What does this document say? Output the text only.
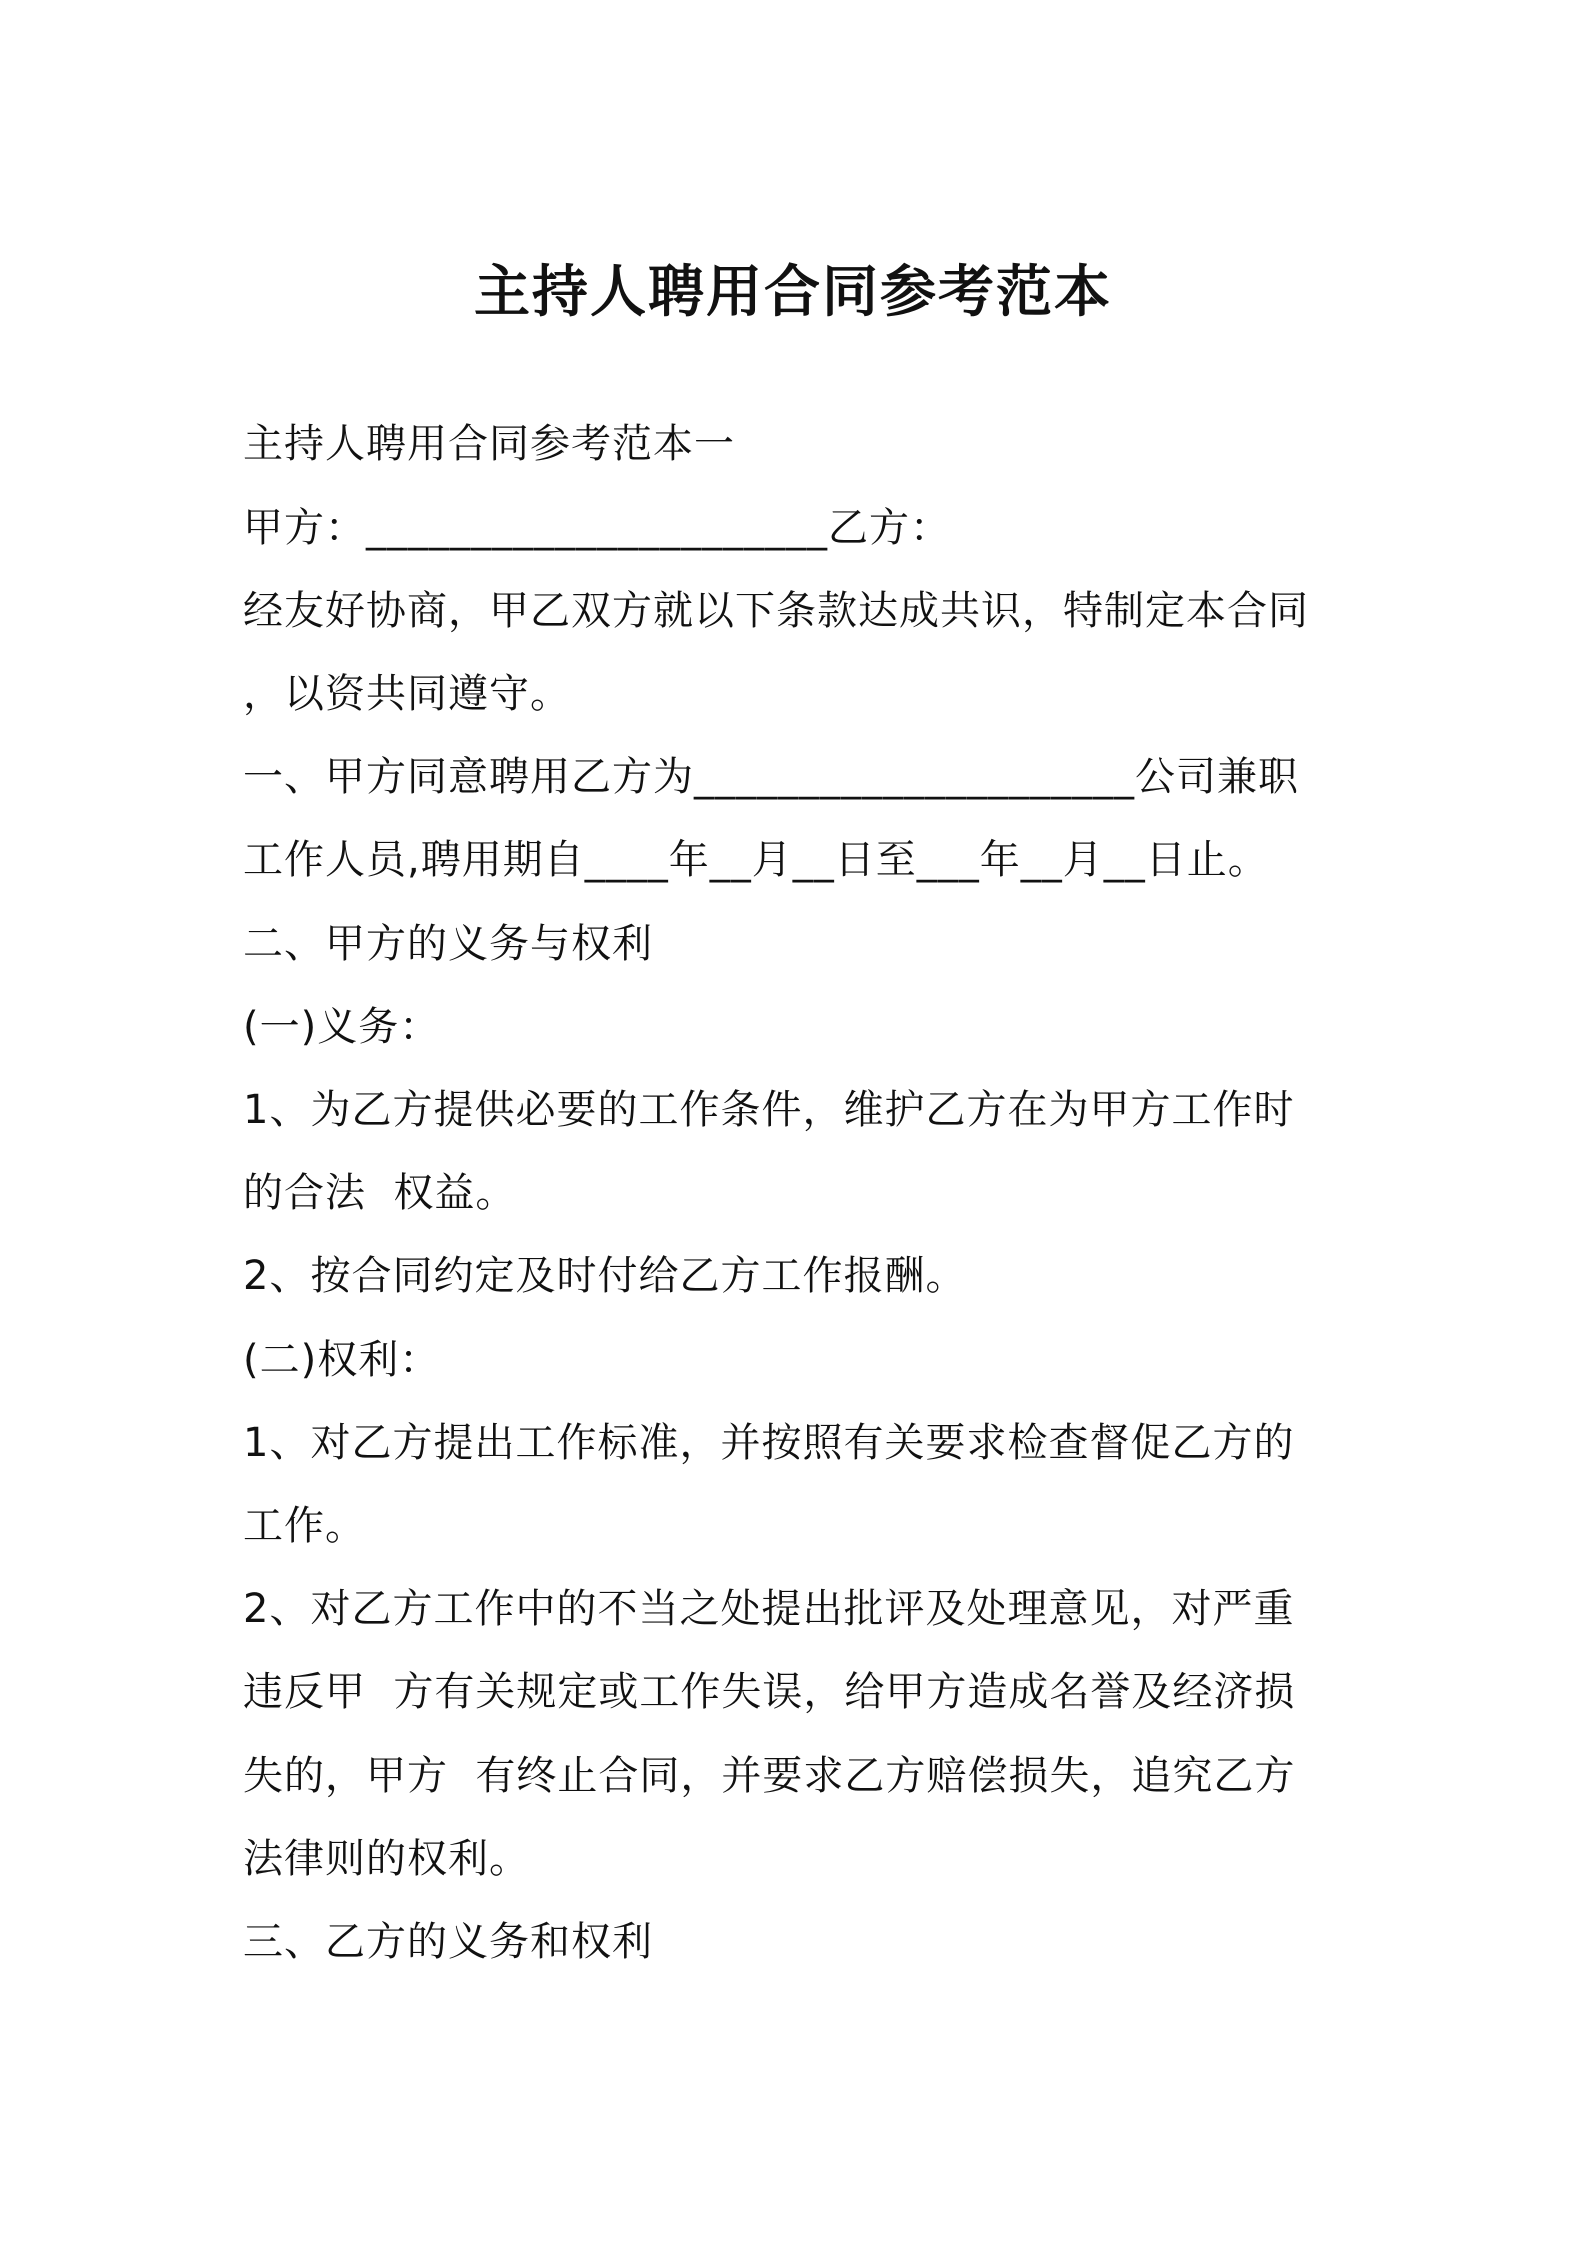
主持人聘用合同参考范本
主持人聘用合同参考范本一
甲方：______________________乙方：
经友好协商，甲乙双方就以下条款达成共识，特制定本合同
，以资共同遵守。
一、甲方同意聘用乙方为_____________________公司兼职
工作人员,聘用期自____年__月__日至___年__月__日止。
二、甲方的义务与权利
(一)义务：
1、为乙方提供必要的工作条件，维护乙方在为甲方工作时
的合法  权益。
2、按合同约定及时付给乙方工作报酬。
(二)权利：
1、对乙方提出工作标准，并按照有关要求检查督促乙方的
工作。
2、对乙方工作中的不当之处提出批评及处理意见，对严重
违反甲  方有关规定或工作失误，给甲方造成名誉及经济损
失的，甲方  有终止合同，并要求乙方赔偿损失，追究乙方
法律则的权利。
三、乙方的义务和权利
